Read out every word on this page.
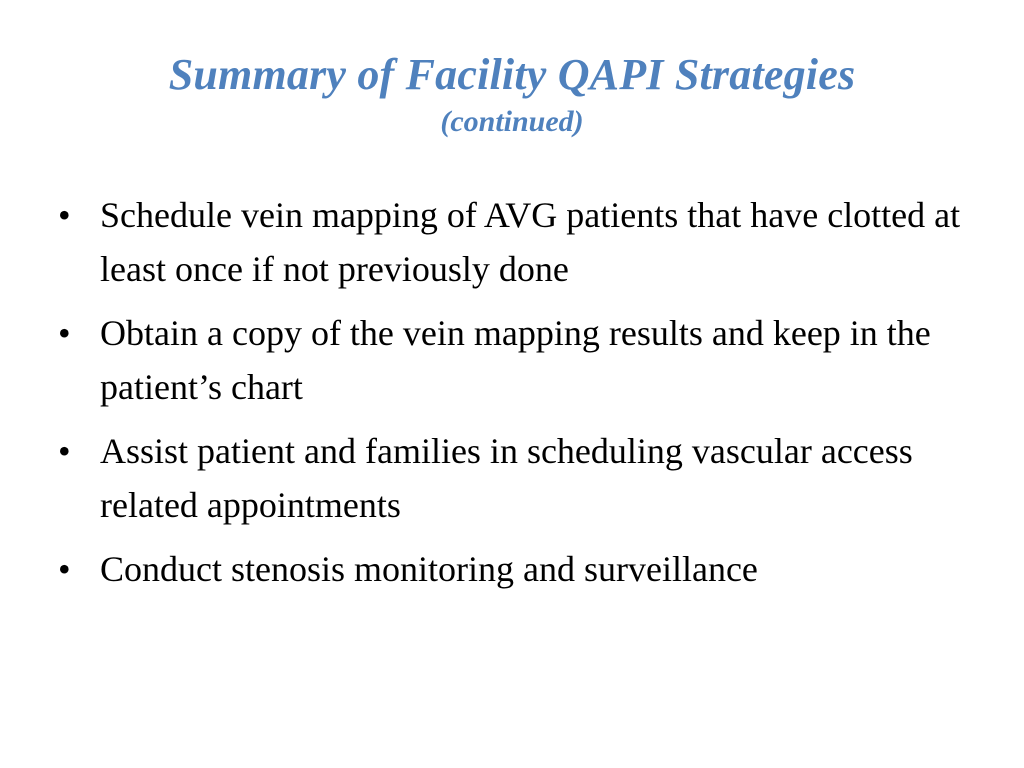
Summary of Facility QAPI Strategies
(continued)
• Schedule vein mapping of AVG patients that have clotted at least once if not previously done
• Obtain a copy of the vein mapping results and keep in the patient’s chart
• Assist patient and families in scheduling vascular access related appointments
• Conduct stenosis monitoring and surveillance
